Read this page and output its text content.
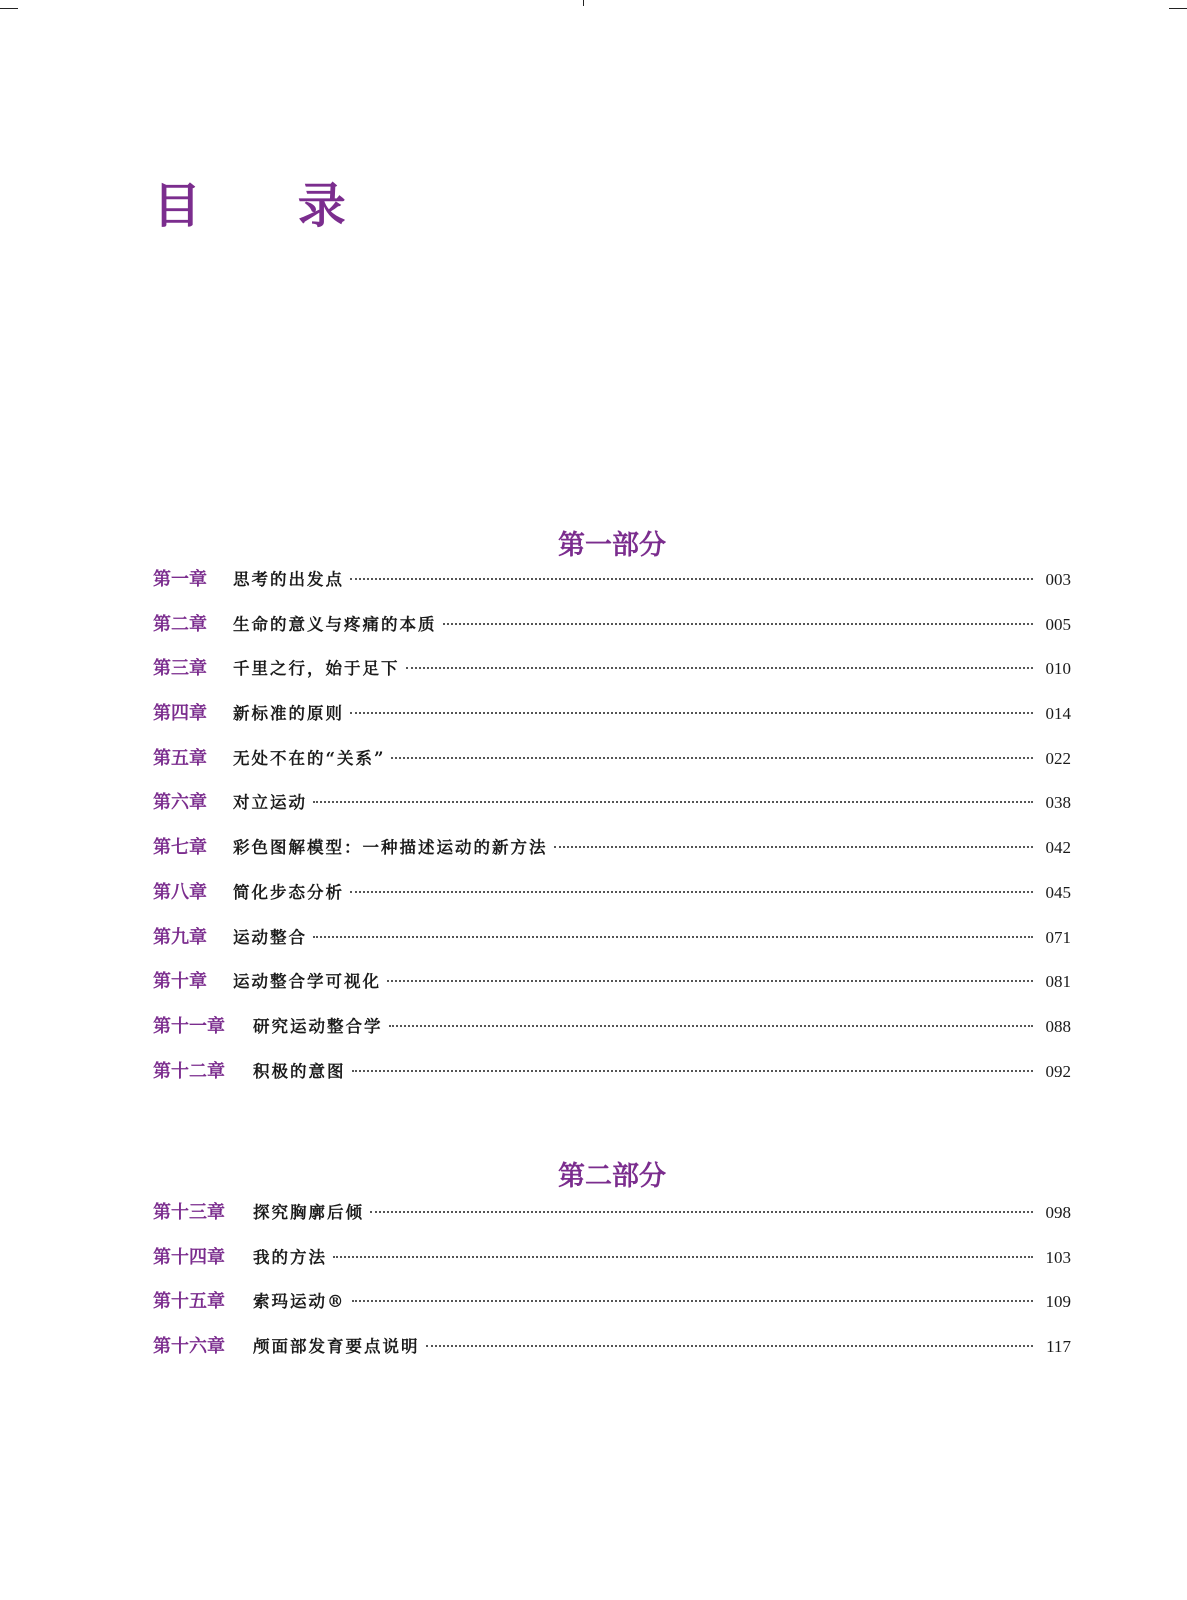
目 录
第一部分
第一章	思考的出发点	003
第二章	生命的意义与疼痛的本质	005
第三章	千里之行，始于足下	010
第四章	新标准的原则	014
第五章	无处不在的“关系”	022
第六章	对立运动	038
第七章	彩色图解模型：一种描述运动的新方法	042
第八章	简化步态分析	045
第九章	运动整合	071
第十章	运动整合学可视化	081
第十一章	研究运动整合学	088
第十二章	积极的意图	092
第二部分
第十三章	探究胸廓后倾	098
第十四章	我的方法	103
第十五章	索玛运动®	109
第十六章	颅面部发育要点说明	117
